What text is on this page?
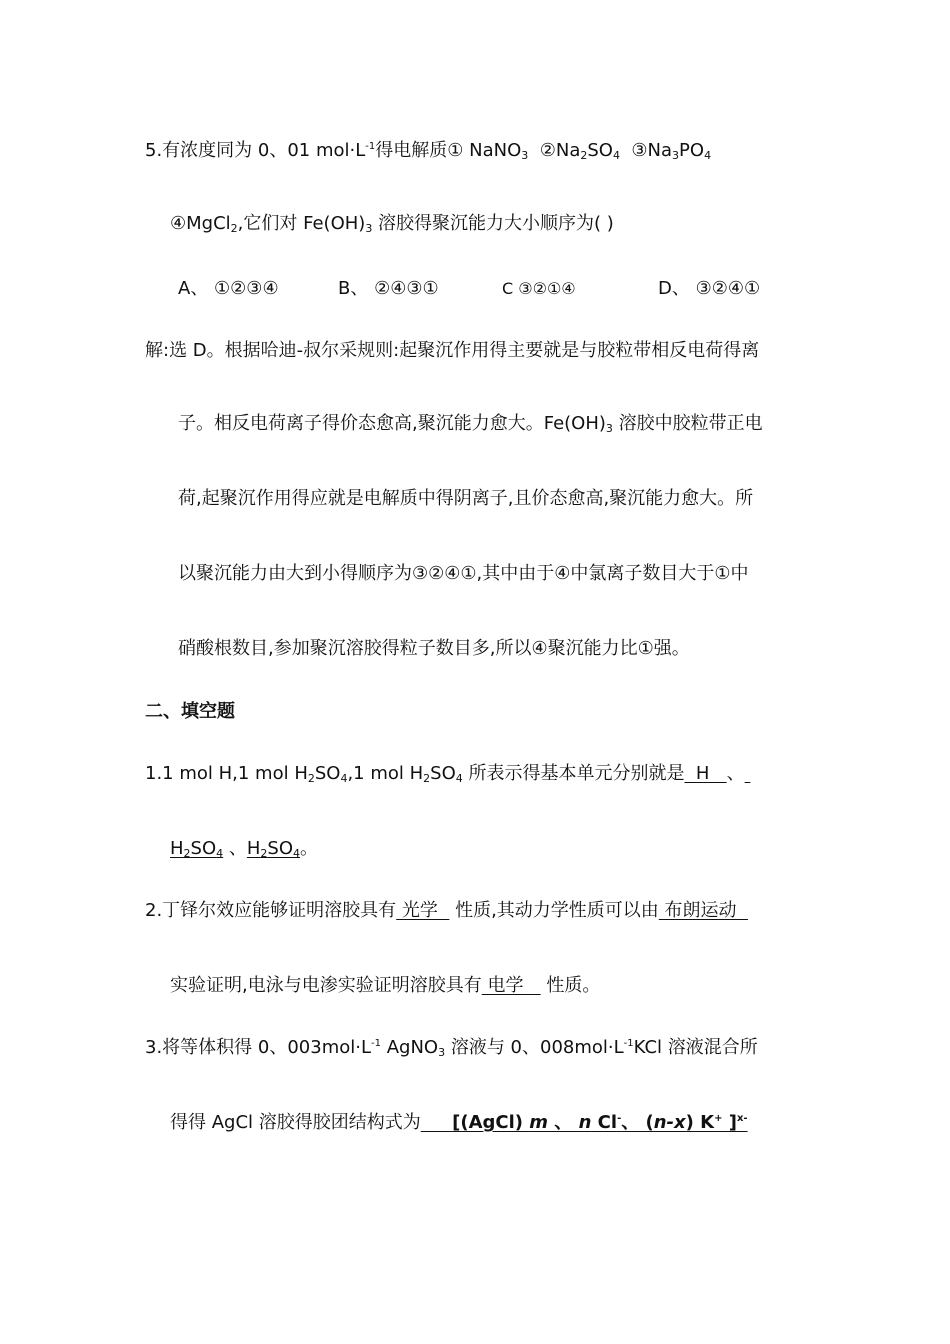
5.有浓度同为 0、01 $mol\cdot L^{-1}$得电解质① NaNO$_3$ $②Na_2SO_4$ $③Na_3PO_4$
④MgCl$_2$,它们对 $Fe(OH)_3$ 溶胶得聚沉能力大小顺序为( )
A、 ①②③④	B、 ②④③①	C ③②①④	D、 ③②④①
解:选 D。根据哈迪-叔尔采规则:起聚沉作用得主要就是与胶粒带相反电荷得离
子。相反电荷离子得价态愈高,聚沉能力愈大。$Fe(OH)_3$ 溶胶中胶粒带正电
荷,起聚沉作用得应就是电解质中得阴离子,且价态愈高,聚沉能力愈大。所
以聚沉能力由大到小得顺序为③②④①,其中由于④中氯离子数目大于①中
硝酸根数目,参加聚沉溶胶得粒子数目多,所以④聚沉能力比①强。
二、填空题
1.1 mol H,1 mol $H_2SO_4,1$ mol $H_2SO_4$ 所表示得基本单元分别就是  H   、
$H_2SO_4$ 、$H_2SO_4$。
2.丁铎尔效应能够证明溶胶具有 光学   性质,其动力学性质可以由 布朗运动
实验证明,电泳与电渗实验证明溶胶具有 电学    性质。
3.将等体积得 0、$003mol\cdot L^{-1}$ AgNO$_3$ 溶液与 0、$008mol\cdot L^{-1}KCl$ 溶液混合所
得得 AgCl 溶胶得胶团结构式为 [(AgCl) m 、 n Cl-、 (n-x) K+ ]$^{x-}$
